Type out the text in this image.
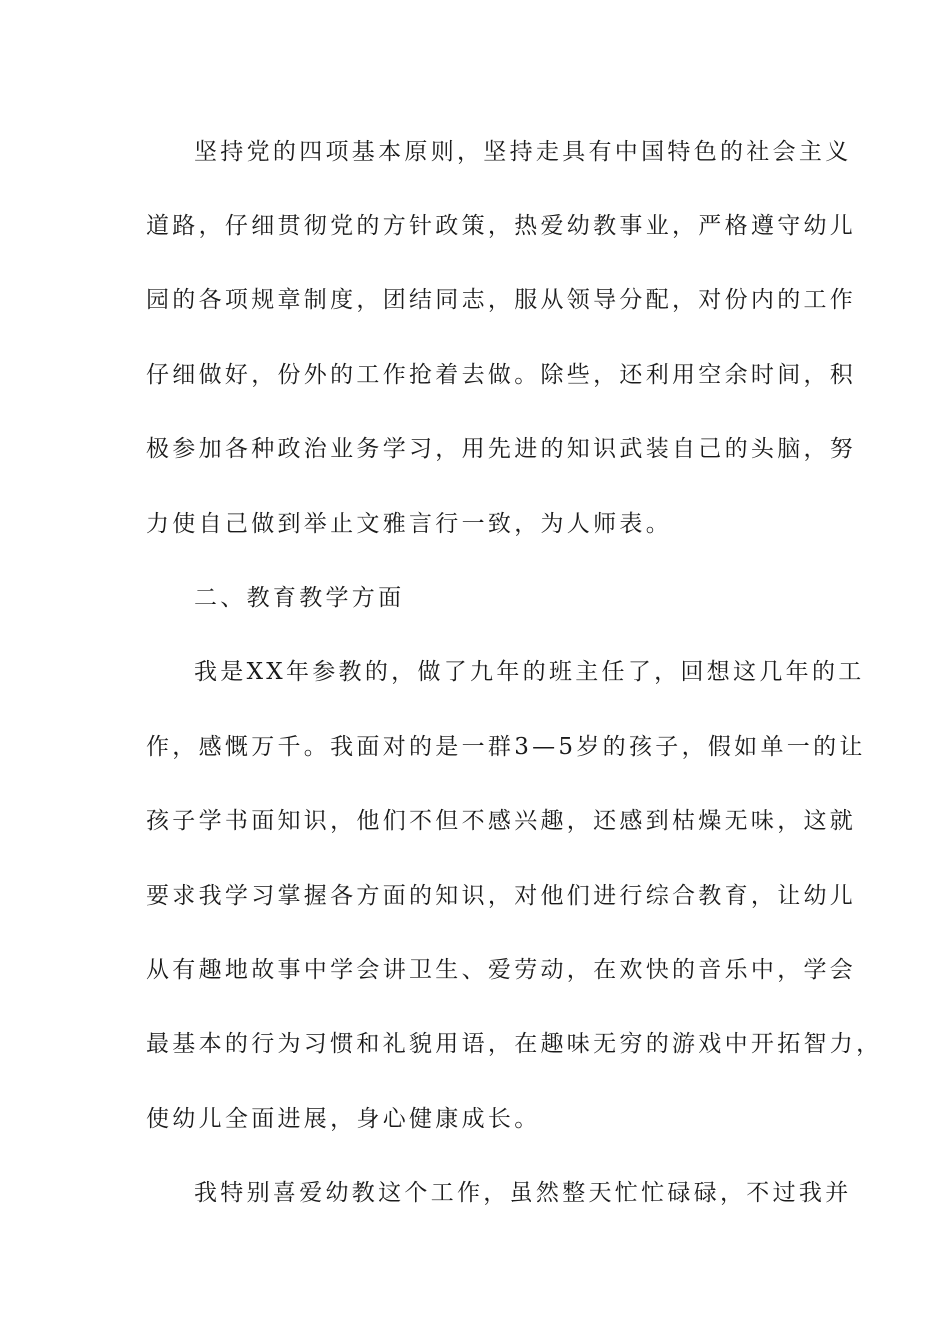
坚持党的四项基本原则，坚持走具有中国特色的社会主义
道路，仔细贯彻党的方针政策，热爱幼教事业，严格遵守幼儿
园的各项规章制度，团结同志，服从领导分配，对份内的工作
仔细做好，份外的工作抢着去做。除些，还利用空余时间，积
极参加各种政治业务学习，用先进的知识武装自己的头脑，努
力使自己做到举止文雅言行一致，为人师表。
二、教育教学方面
我是XX年参教的，做了九年的班主任了，回想这几年的工
作，感慨万千。我面对的是一群3—5岁的孩子，假如单一的让
孩子学书面知识，他们不但不感兴趣，还感到枯燥无味，这就
要求我学习掌握各方面的知识，对他们进行综合教育，让幼儿
从有趣地故事中学会讲卫生、爱劳动，在欢快的音乐中，学会
最基本的行为习惯和礼貌用语，在趣味无穷的游戏中开拓智力，
使幼儿全面进展，身心健康成长。
我特别喜爱幼教这个工作，虽然整天忙忙碌碌，不过我并
